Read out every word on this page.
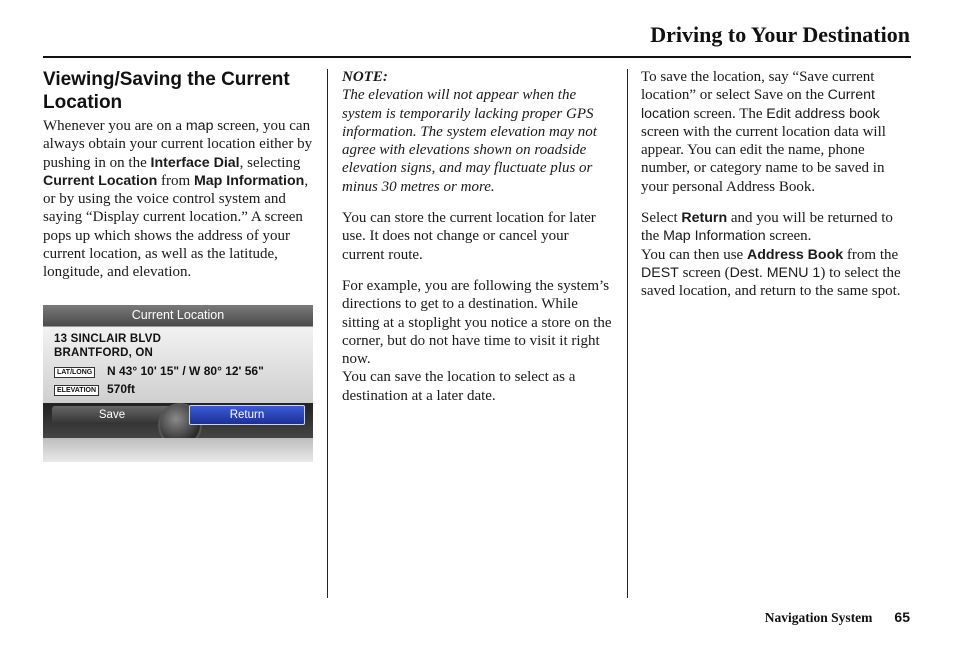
Driving to Your Destination
Viewing/Saving the Current Location

Whenever you are on a map screen, you can always obtain your current location either by pushing in on the Interface Dial, selecting Current Location from Map Information, or by using the voice control system and saying “Display current location.” A screen pops up which shows the address of your current location, as well as the latitude, longitude, and elevation.

Current Location
13 SINCLAIR BLVD
BRANTFORD, ON
LAT/LONG N 43° 10' 15" / W 80° 12' 56"
ELEVATION 570ft
Save	Return

NOTE:

The elevation will not appear when the system is temporarily lacking proper GPS information. The system elevation may not agree with elevations shown on roadside elevation signs, and may fluctuate plus or minus 30 metres or more.

You can store the current location for later use. It does not change or cancel your current route.

For example, you are following the system’s directions to get to a destination. While sitting at a stoplight you notice a store on the corner, but do not have time to visit it right now.

You can save the location to select as a destination at a later date.

To save the location, say “Save current location” or select Save on the Current location screen. The Edit address book screen with the current location data will appear. You can edit the name, phone number, or category name to be saved in your personal Address Book.

Select Return and you will be returned to the Map Information screen.

You can then use Address Book from the DEST screen (Dest. MENU 1) to select the saved location, and return to the same spot.

Navigation System 65
